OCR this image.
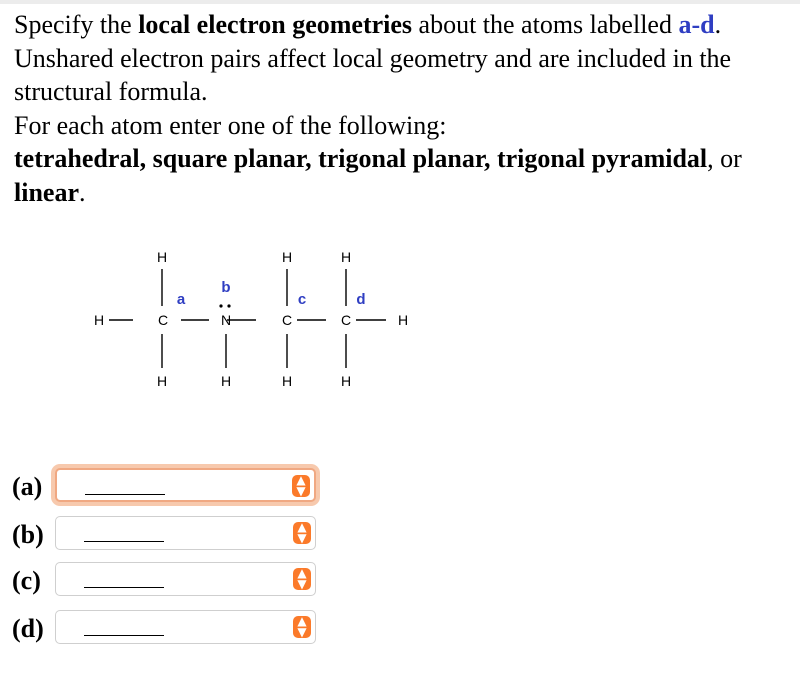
Specify the local electron geometries about the atoms labelled a-d. Unshared electron pairs affect local geometry and are included in the structural formula.

For each atom enter one of the following:
tetrahedral, square planar, trigonal planar, trigonal pyramidal, or linear.

H	C	N	C	C	H
H	H	H
H	H	H	H
a
b
c	d
(a)	▲
▼
(b)	▲
▼
(c)	▲
▼
(d)	▲
▼
